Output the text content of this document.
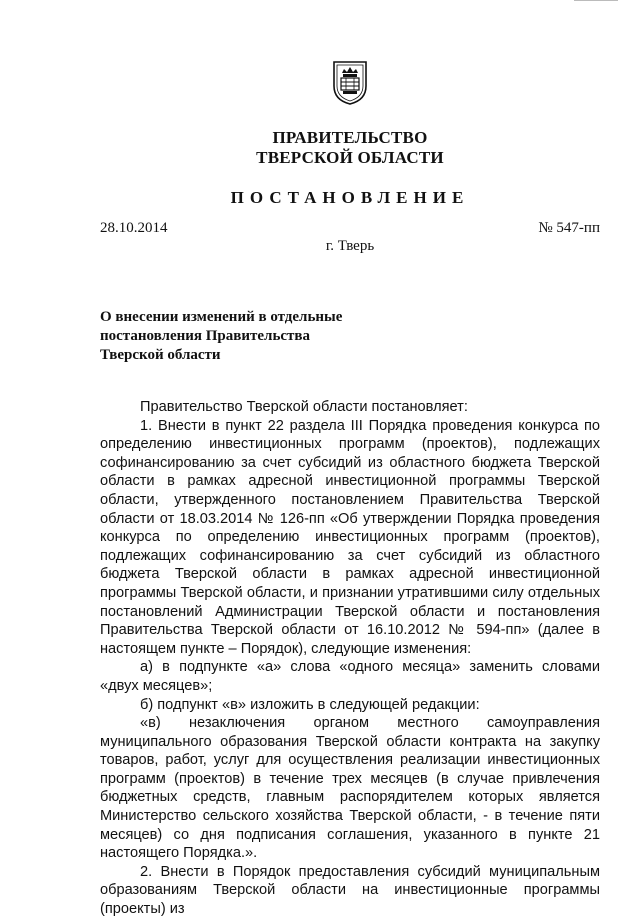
ПРАВИТЕЛЬСТВО
ТВЕРСКОЙ ОБЛАСТИ
ПОСТАНОВЛЕНИЕ
28.10.2014	№ 547-пп
г. Тверь
О внесении изменений в отдельные
постановления Правительства
Тверской области

Правительство Тверской области постановляет:

1. Внести в пункт 22 раздела III Порядка проведения конкурса по определению инвестиционных программ (проектов), подлежащих софинансированию за счет субсидий из областного бюджета Тверской области в рамках адресной инвестиционной программы Тверской области, утвержденного постановлением Правительства Тверской области от 18.03.2014 № 126-пп «Об утверждении Порядка проведения конкурса по определению инвестиционных программ (проектов), подлежащих софинансированию за счет субсидий из областного бюджета Тверской области в рамках адресной инвестиционной программы Тверской области, и признании утратившими силу отдельных постановлений Администрации Тверской области и постановления Правительства Тверской области от 16.10.2012 № 594-пп» (далее в настоящем пункте – Порядок), следующие изменения:

а) в подпункте «а» слова «одного месяца» заменить словами «двух месяцев»;

б) подпункт «в» изложить в следующей редакции:

«в) незаключения органом местного самоуправления муниципального образования Тверской области контракта на закупку товаров, работ, услуг для осуществления реализации инвестиционных программ (проектов) в течение трех месяцев (в случае привлечения бюджетных средств, главным распорядителем которых является Министерство сельского хозяйства Тверской области, - в течение пяти месяцев) со дня подписания соглашения, указанного в пункте 21 настоящего Порядка.».

2. Внести в Порядок предоставления субсидий муниципальным образованиям Тверской области на инвестиционные программы (проекты) из
